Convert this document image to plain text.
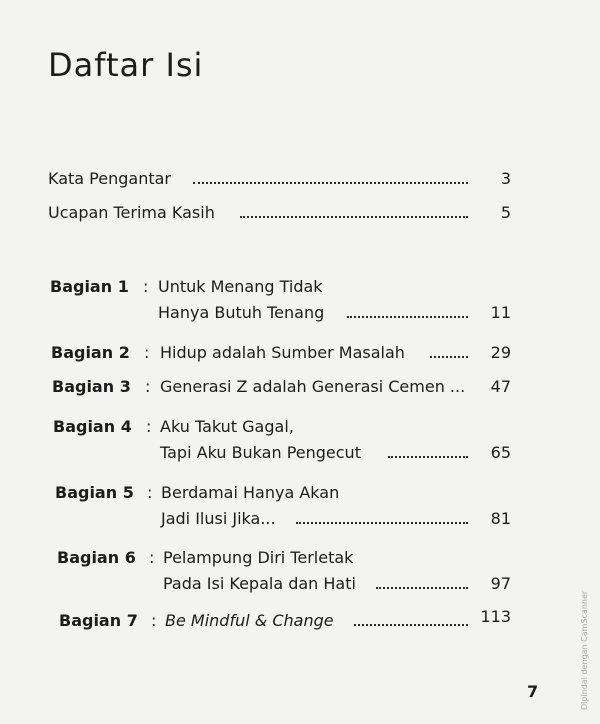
Daftar Isi
Kata Pengantar	3
Ucapan Terima Kasih	5
Bagian 1 : Untuk Menang Tidak
Hanya Butuh Tenang	11
Bagian 2 : Hidup adalah Sumber Masalah	29
Bagian 3 : Generasi Z adalah Generasi Cemen ...	47
Bagian 4 : Aku Takut Gagal,
Tapi Aku Bukan Pengecut	65
Bagian 5 : Berdamai Hanya Akan
Jadi Ilusi Jika...	81
Bagian 6 : Pelampung Diri Terletak
Pada Isi Kepala dan Hati	97
Bagian 7 : Be Mindful & Change	113
7	Dipindai dengan CamScanner
